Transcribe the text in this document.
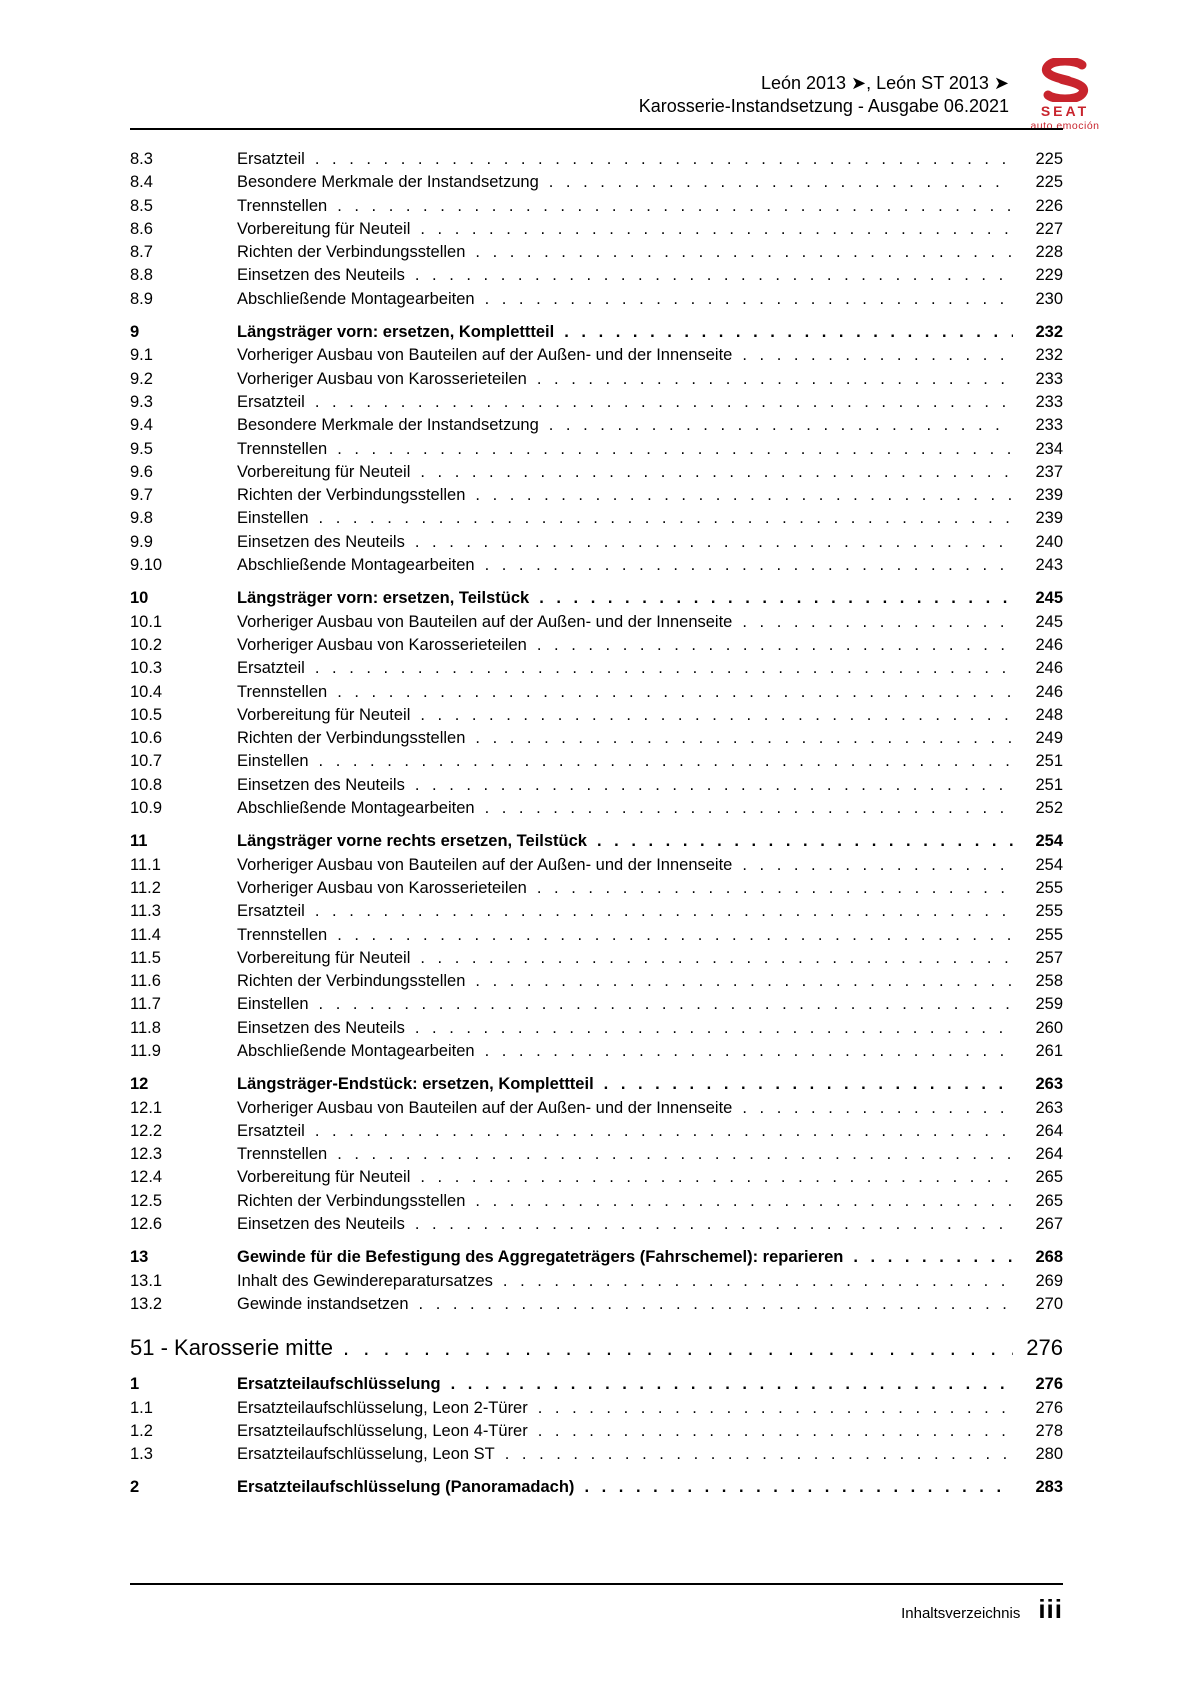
León 2013 ➤, León ST 2013 ➤
Karosserie-Instandsetzung - Ausgabe 06.2021	SEAT
auto emoción
8.3	Ersatzteil . . .	225
8.4	Besondere Merkmale der Instandsetzung . . .	225
8.5	Trennstellen . . .	226
8.6	Vorbereitung für Neuteil . . .	227
8.7	Richten der Verbindungsstellen . . .	228
8.8	Einsetzen des Neuteils . . .	229
8.9	Abschließende Montagearbeiten . . .	230
9	Längsträger vorn: ersetzen, Komplettteil . . .	232
9.1	Vorheriger Ausbau von Bauteilen auf der Außen- und der Innenseite . . .	232
9.2	Vorheriger Ausbau von Karosserieteilen . . .	233
9.3	Ersatzteil . . .	233
9.4	Besondere Merkmale der Instandsetzung . . .	233
9.5	Trennstellen . . .	234
9.6	Vorbereitung für Neuteil . . .	237
9.7	Richten der Verbindungsstellen . . .	239
9.8	Einstellen . . .	239
9.9	Einsetzen des Neuteils . . .	240
9.10	Abschließende Montagearbeiten . . .	243
10	Längsträger vorn: ersetzen, Teilstück . . .	245
10.1	Vorheriger Ausbau von Bauteilen auf der Außen- und der Innenseite . . .	245
10.2	Vorheriger Ausbau von Karosserieteilen . . .	246
10.3	Ersatzteil . . .	246
10.4	Trennstellen . . .	246
10.5	Vorbereitung für Neuteil . . .	248
10.6	Richten der Verbindungsstellen . . .	249
10.7	Einstellen . . .	251
10.8	Einsetzen des Neuteils . . .	251
10.9	Abschließende Montagearbeiten . . .	252
11	Längsträger vorne rechts ersetzen, Teilstück . . .	254
11.1	Vorheriger Ausbau von Bauteilen auf der Außen- und der Innenseite . . .	254
11.2	Vorheriger Ausbau von Karosserieteilen . . .	255
11.3	Ersatzteil . . .	255
11.4	Trennstellen . . .	255
11.5	Vorbereitung für Neuteil . . .	257
11.6	Richten der Verbindungsstellen . . .	258
11.7	Einstellen . . .	259
11.8	Einsetzen des Neuteils . . .	260
11.9	Abschließende Montagearbeiten . . .	261
12	Längsträger-Endstück: ersetzen, Komplettteil . . .	263
12.1	Vorheriger Ausbau von Bauteilen auf der Außen- und der Innenseite . . .	263
12.2	Ersatzteil . . .	264
12.3	Trennstellen . . .	264
12.4	Vorbereitung für Neuteil . . .	265
12.5	Richten der Verbindungsstellen . . .	265
12.6	Einsetzen des Neuteils . . .	267
13	Gewinde für die Befestigung des Aggregateträgers (Fahrschemel): reparieren . . .	268
13.1	Inhalt des Gewindereparatursatzes . . .	269
13.2	Gewinde instandsetzen . . .	270
51 - Karosserie mitte . . .	276
1	Ersatzteilaufschlüsselung . . .	276
1.1	Ersatzteilaufschlüsselung, Leon 2-Türer . . .	276
1.2	Ersatzteilaufschlüsselung, Leon 4-Türer . . .	278
1.3	Ersatzteilaufschlüsselung, Leon ST . . .	280
2	Ersatzteilaufschlüsselung (Panoramadach) . . .	283
Inhaltsverzeichnis iii
